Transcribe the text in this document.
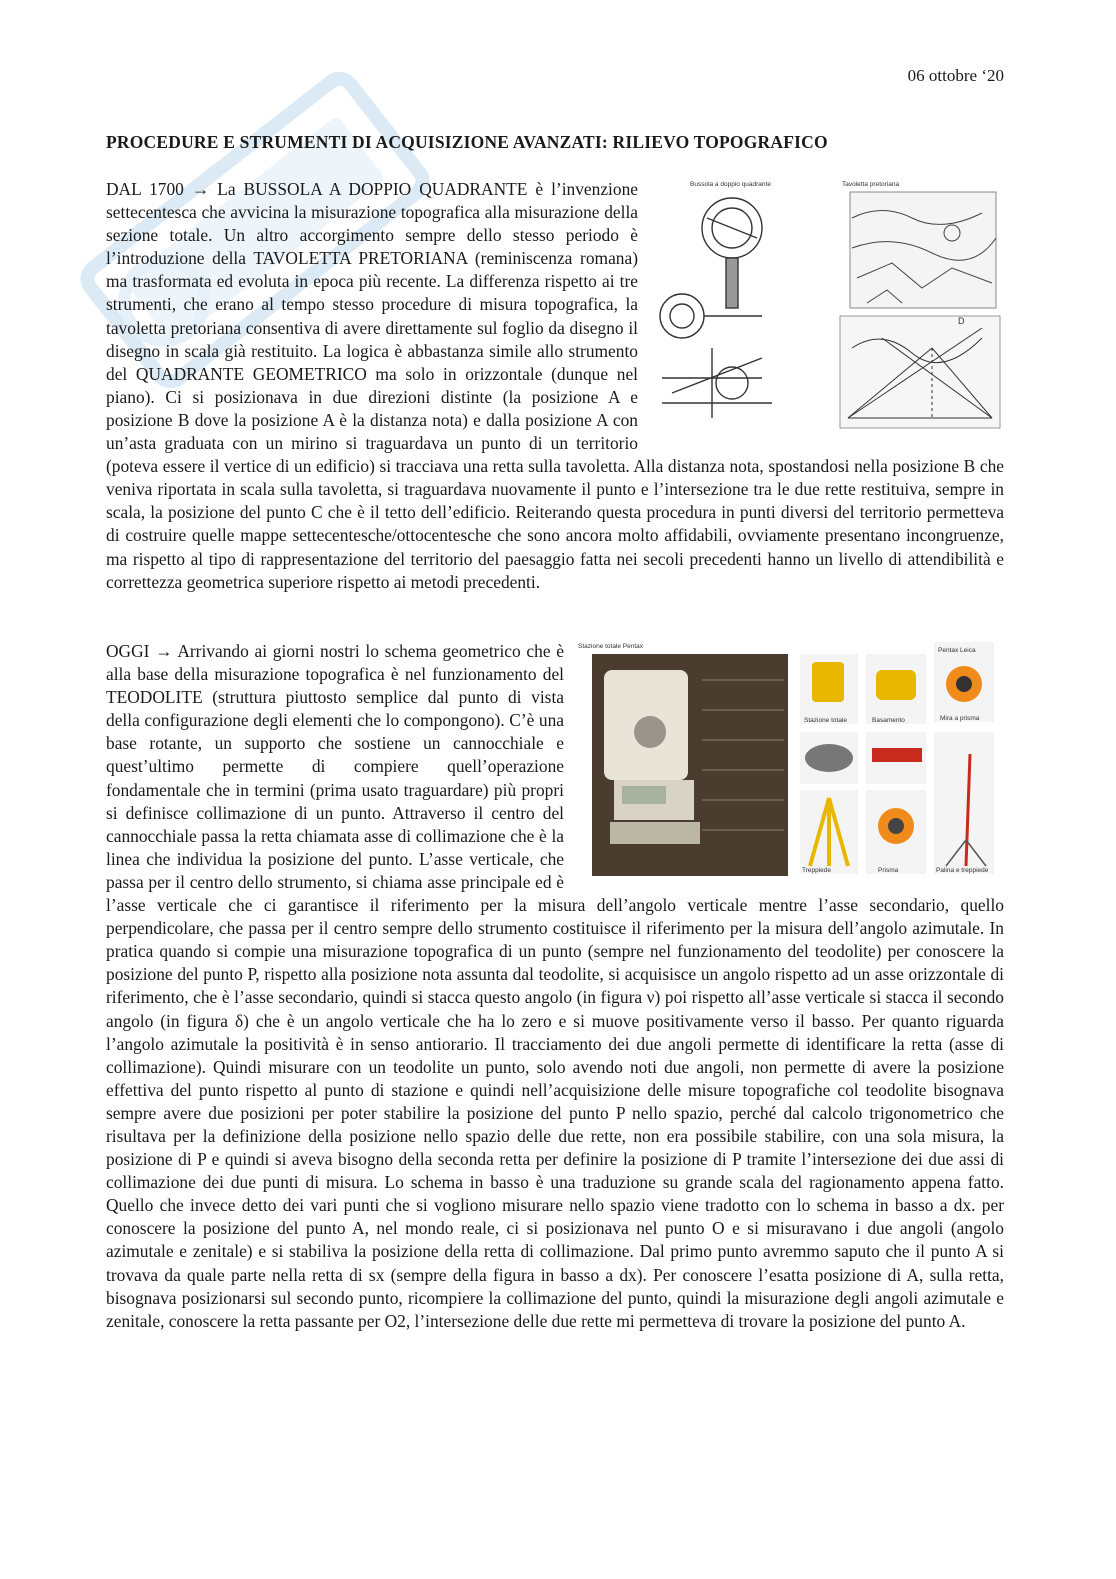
06 ottobre ‘20
PROCEDURE E STRUMENTI DI ACQUISIZIONE AVANZATI: RILIEVO TOPOGRAFICO
Bussola a doppio quadrante	Tavoletta pretoriana
D

DAL 1700 → La BUSSOLA A DOPPIO QUADRANTE è l’invenzione settecentesca che avvicina la misurazione topografica alla misurazione della sezione totale. Un altro accorgimento sempre dello stesso periodo è l’introduzione della TAVOLETTA PRETORIANA (reminiscenza romana) ma trasformata ed evoluta in epoca più recente. La differenza rispetto ai tre strumenti, che erano al tempo stesso procedure di misura topografica, la tavoletta pretoriana consentiva di avere direttamente sul foglio da disegno il disegno in scala già restituito. La logica è abbastanza simile allo strumento del QUADRANTE GEOMETRICO ma solo in orizzontale (dunque nel piano). Ci si posizionava in due direzioni distinte (la posizione A e posizione B dove la posizione A è la distanza nota) e dalla posizione A con un’asta graduata con un mirino si traguardava un punto di un territorio (poteva essere il vertice di un edificio) si tracciava una retta sulla tavoletta. Alla distanza nota, spostandosi nella posizione B che veniva riportata in scala sulla tavoletta, si traguardava nuovamente il punto e l’intersezione tra le due rette restituiva, sempre in scala, la posizione del punto C che è il tetto dell’edificio. Reiterando questa procedura in punti diversi del territorio permetteva di costruire quelle mappe settecentesche/ottocentesche che sono ancora molto affidabili, ovviamente presentano incongruenze, ma rispetto al tipo di rappresentazione del territorio del paesaggio fatta nei secoli precedenti hanno un livello di attendibilità e correttezza geometrica superiore rispetto ai metodi precedenti.

Stazione totale Pentax
Stazione totale	Basamento
Pentax Leica
Mira a prisma
Treppiede	Prisma	Palina e treppiede

OGGI → Arrivando ai giorni nostri lo schema geometrico che è alla base della misurazione topografica è nel funzionamento del TEODOLITE (struttura piuttosto semplice dal punto di vista della configurazione degli elementi che lo compongono). C’è una base rotante, un supporto che sostiene un cannocchiale e quest’ultimo permette di compiere quell’operazione fondamentale che in termini (prima usato traguardare) più propri si definisce collimazione di un punto. Attraverso il centro del cannocchiale passa la retta chiamata asse di collimazione che è la linea che individua la posizione del punto. L’asse verticale, che passa per il centro dello strumento, si chiama asse principale ed è l’asse verticale che ci garantisce il riferimento per la misura dell’angolo verticale mentre l’asse secondario, quello perpendicolare, che passa per il centro sempre dello strumento costituisce il riferimento per la misura dell’angolo azimutale. In pratica quando si compie una misurazione topografica di un punto (sempre nel funzionamento del teodolite) per conoscere la posizione del punto P, rispetto alla posizione nota assunta dal teodolite, si acquisisce un angolo rispetto ad un asse orizzontale di riferimento, che è l’asse secondario, quindi si stacca questo angolo (in figura ν) poi rispetto all’asse verticale si stacca il secondo angolo (in figura δ) che è un angolo verticale che ha lo zero e si muove positivamente verso il basso. Per quanto riguarda l’angolo azimutale la positività è in senso antiorario. Il tracciamento dei due angoli permette di identificare la retta (asse di collimazione). Quindi misurare con un teodolite un punto, solo avendo noti due angoli, non permette di avere la posizione effettiva del punto rispetto al punto di stazione e quindi nell’acquisizione delle misure topografiche col teodolite bisognava sempre avere due posizioni per poter stabilire la posizione del punto P nello spazio, perché dal calcolo trigonometrico che risultava per la definizione della posizione nello spazio delle due rette, non era possibile stabilire, con una sola misura, la posizione di P e quindi si aveva bisogno della seconda retta per definire la posizione di P tramite l’intersezione dei due assi di collimazione dei due punti di misura. Lo schema in basso è una traduzione su grande scala del ragionamento appena fatto. Quello che invece detto dei vari punti che si vogliono misurare nello spazio viene tradotto con lo schema in basso a dx. per conoscere la posizione del punto A, nel mondo reale, ci si posizionava nel punto O e si misuravano i due angoli (angolo azimutale e zenitale) e si stabiliva la posizione della retta di collimazione. Dal primo punto avremmo saputo che il punto A si trovava da quale parte nella retta di sx (sempre della figura in basso a dx). Per conoscere l’esatta posizione di A, sulla retta, bisognava posizionarsi sul secondo punto, ricompiere la collimazione del punto, quindi la misurazione degli angoli azimutale e zenitale, conoscere la retta passante per O2, l’intersezione delle due rette mi permetteva di trovare la posizione del punto A.
